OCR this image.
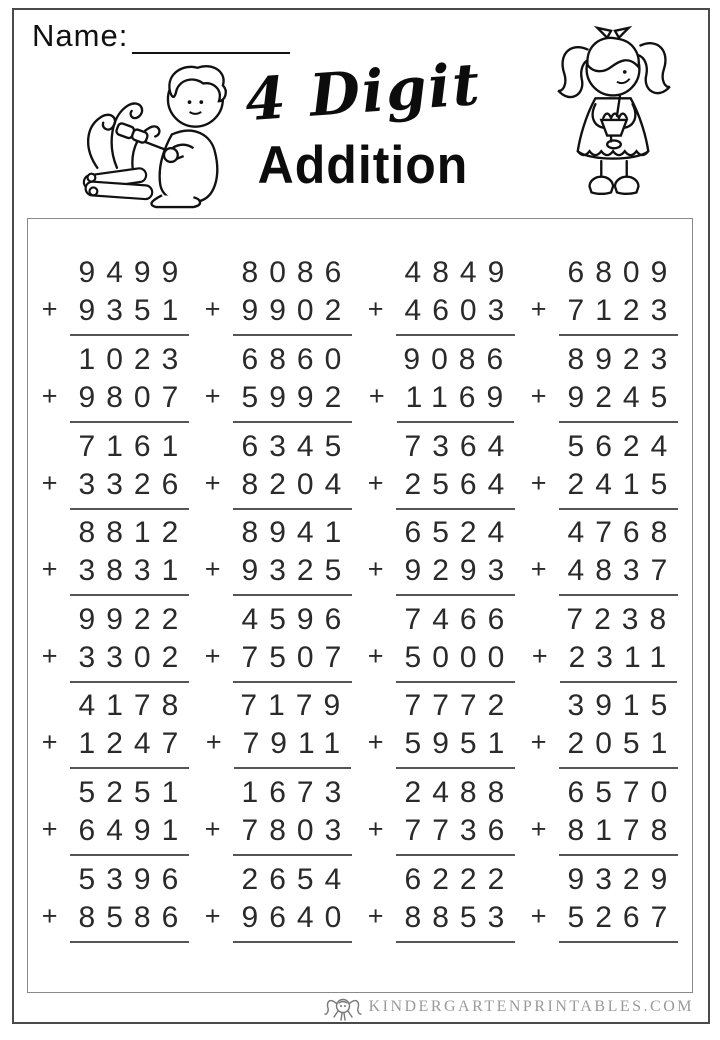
Name:
4 Digit
Addition
9499
+ 9351
8086
+ 9902
4849
+ 4603
6809
+ 7123
1023
+ 9807
6860
+ 5992
9086
+ 1169
8923
+ 9245
7161
+ 3326
6345
+ 8204
7364
+ 2564
5624
+ 2415
8812
+ 3831
8941
+ 9325
6524
+ 9293
4768
+ 4837
9922
+ 3302
4596
+ 7507
7466
+ 5000
7238
+ 2311
4178
+ 1247
7179
+ 7911
7772
+ 5951
3915
+ 2051
5251
+ 6491
1673
+ 7803
2488
+ 7736
6570
+ 8178
5396
+ 8586
2654
+ 9640
6222
+ 8853
9329
+ 5267
KINDERGARTENPRINTABLES.COM
